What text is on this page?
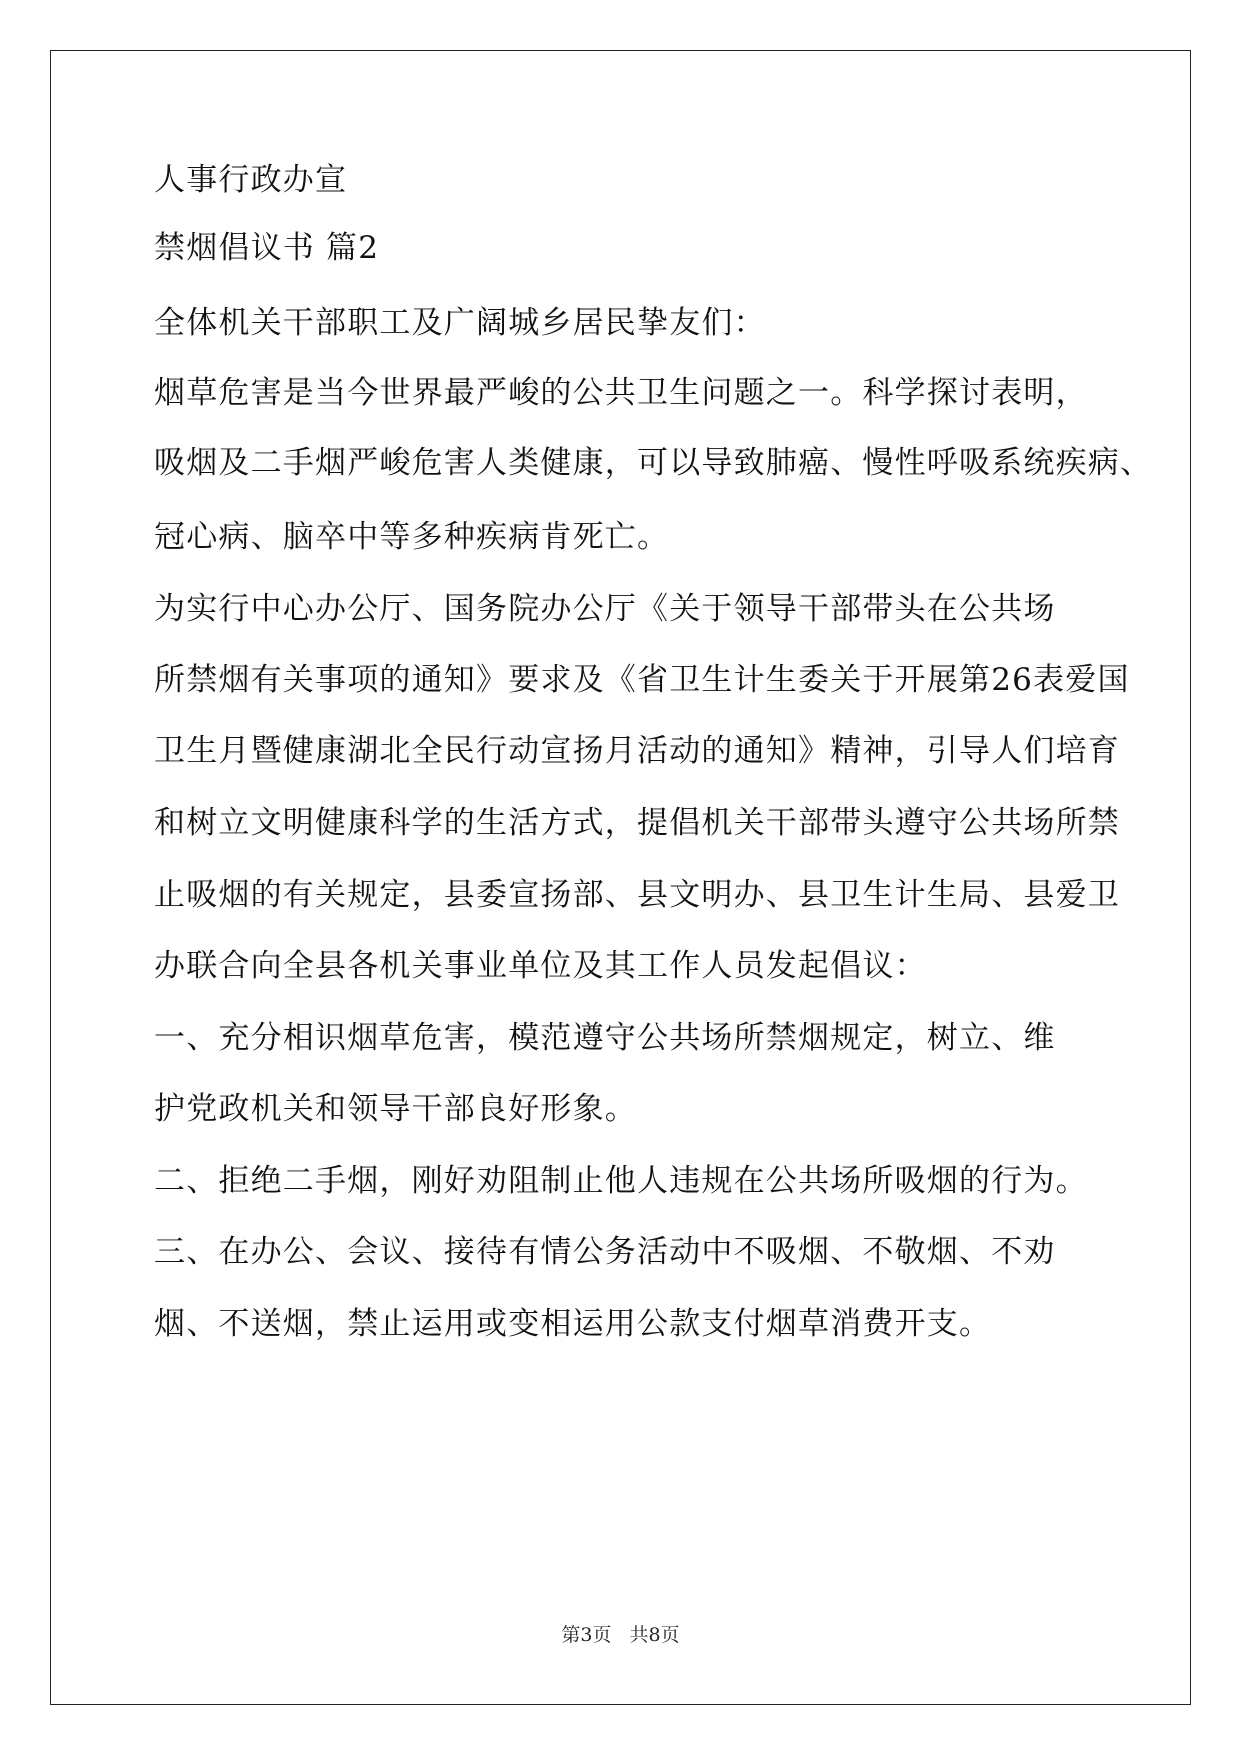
人事行政办宣
禁烟倡议书 篇2
全体机关干部职工及广阔城乡居民挚友们：
烟草危害是当今世界最严峻的公共卫生问题之一。科学探讨表明，
吸烟及二手烟严峻危害人类健康，可以导致肺癌、慢性呼吸系统疾病、
冠心病、脑卒中等多种疾病肯死亡。
为实行中心办公厅、国务院办公厅《关于领导干部带头在公共场
所禁烟有关事项的通知》要求及《省卫生计生委关于开展第26表爱国
卫生月暨健康湖北全民行动宣扬月活动的通知》精神，引导人们培育
和树立文明健康科学的生活方式，提倡机关干部带头遵守公共场所禁
止吸烟的有关规定，县委宣扬部、县文明办、县卫生计生局、县爱卫
办联合向全县各机关事业单位及其工作人员发起倡议：
一、充分相识烟草危害，模范遵守公共场所禁烟规定，树立、维
护党政机关和领导干部良好形象。
二、拒绝二手烟，刚好劝阻制止他人违规在公共场所吸烟的行为。
三、在办公、会议、接待有情公务活动中不吸烟、不敬烟、不劝
烟、不送烟，禁止运用或变相运用公款支付烟草消费开支。
第3页 共8页
